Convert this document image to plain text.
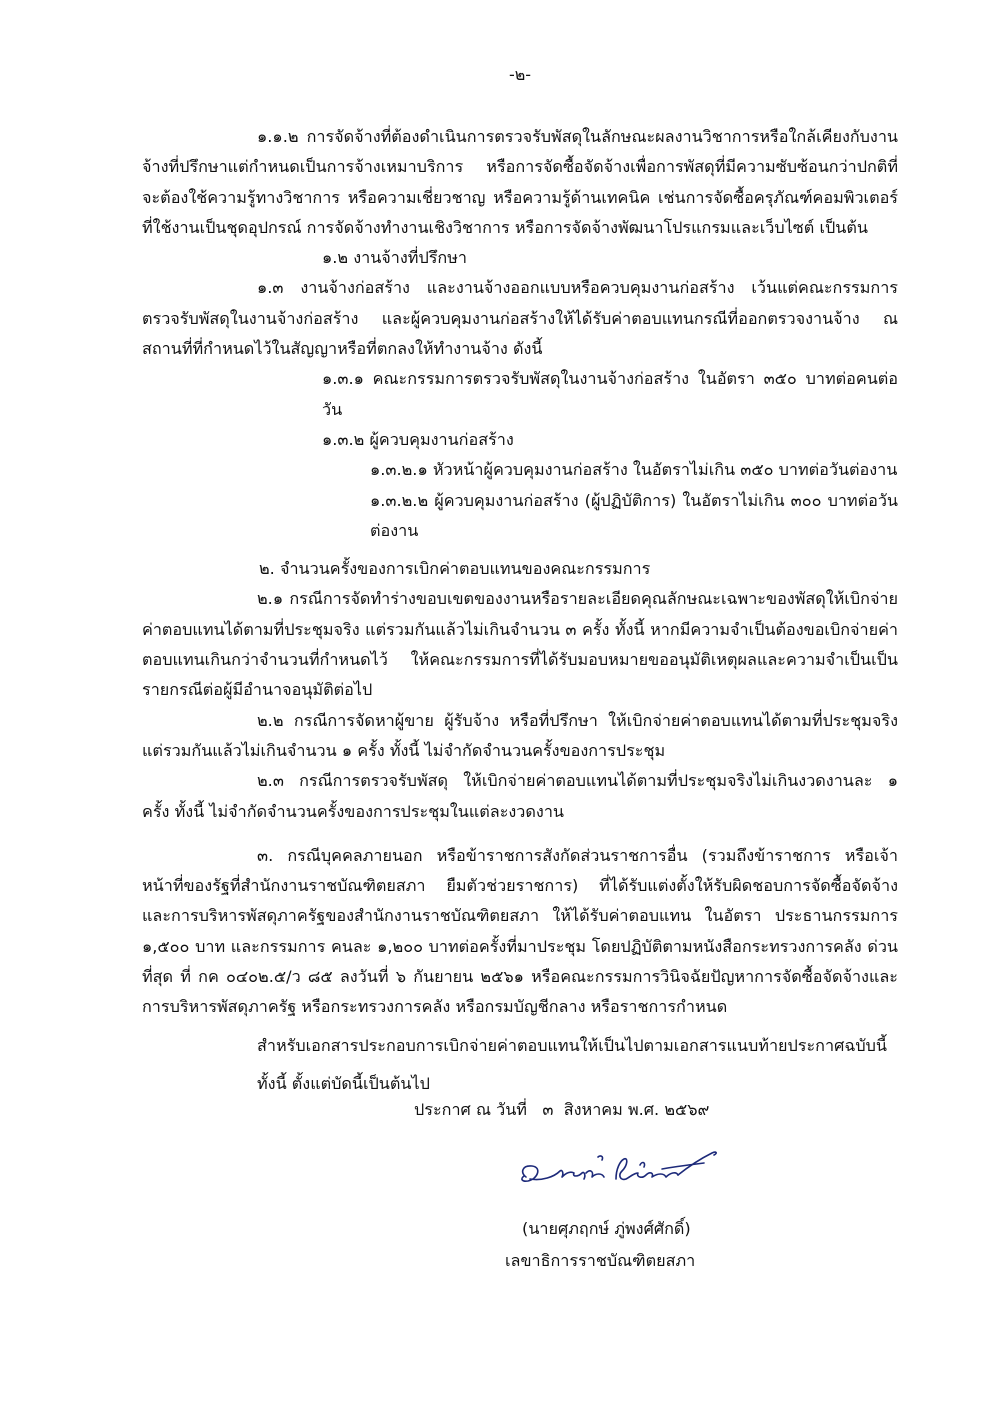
-๒-

๑.๑.๒ การจัดจ้างที่ต้องดำเนินการตรวจรับพัสดุในลักษณะผลงานวิชาการหรือใกล้เคียงกับงานจ้างที่ปรึกษาแต่กำหนดเป็นการจ้างเหมาบริการ หรือการจัดซื้อจัดจ้างเพื่อการพัสดุที่มีความซับซ้อนกว่าปกติที่จะต้องใช้ความรู้ทางวิชาการ หรือความเชี่ยวชาญ หรือความรู้ด้านเทคนิค เช่นการจัดซื้อครุภัณฑ์คอมพิวเตอร์ที่ใช้งานเป็นชุดอุปกรณ์ การจัดจ้างทำงานเชิงวิชาการ หรือการจัดจ้างพัฒนาโปรแกรมและเว็บไซต์ เป็นต้น

๑.๒ งานจ้างที่ปรึกษา

๑.๓ งานจ้างก่อสร้าง และงานจ้างออกแบบหรือควบคุมงานก่อสร้าง เว้นแต่คณะกรรมการตรวจรับพัสดุในงานจ้างก่อสร้าง และผู้ควบคุมงานก่อสร้างให้ได้รับค่าตอบแทนกรณีที่ออกตรวจงานจ้าง ณ สถานที่ที่กำหนดไว้ในสัญญาหรือที่ตกลงให้ทำงานจ้าง ดังนี้

๑.๓.๑ คณะกรรมการตรวจรับพัสดุในงานจ้างก่อสร้าง ในอัตรา ๓๕๐ บาทต่อคนต่อวัน

๑.๓.๒ ผู้ควบคุมงานก่อสร้าง

๑.๓.๒.๑ หัวหน้าผู้ควบคุมงานก่อสร้าง ในอัตราไม่เกิน ๓๕๐ บาทต่อวันต่องาน

๑.๓.๒.๒ ผู้ควบคุมงานก่อสร้าง (ผู้ปฏิบัติการ) ในอัตราไม่เกิน ๓๐๐ บาทต่อวันต่องาน

๒. จำนวนครั้งของการเบิกค่าตอบแทนของคณะกรรมการ

๒.๑ กรณีการจัดทำร่างขอบเขตของงานหรือรายละเอียดคุณลักษณะเฉพาะของพัสดุให้เบิกจ่ายค่าตอบแทนได้ตามที่ประชุมจริง แต่รวมกันแล้วไม่เกินจำนวน ๓ ครั้ง ทั้งนี้ หากมีความจำเป็นต้องขอเบิกจ่ายค่าตอบแทนเกินกว่าจำนวนที่กำหนดไว้ ให้คณะกรรมการที่ได้รับมอบหมายขออนุมัติเหตุผลและความจำเป็นเป็นรายกรณีต่อผู้มีอำนาจอนุมัติต่อไป

๒.๒ กรณีการจัดหาผู้ขาย ผู้รับจ้าง หรือที่ปรึกษา ให้เบิกจ่ายค่าตอบแทนได้ตามที่ประชุมจริงแต่รวมกันแล้วไม่เกินจำนวน ๑ ครั้ง ทั้งนี้ ไม่จำกัดจำนวนครั้งของการประชุม

๒.๓ กรณีการตรวจรับพัสดุ ให้เบิกจ่ายค่าตอบแทนได้ตามที่ประชุมจริงไม่เกินงวดงานละ ๑ ครั้ง ทั้งนี้ ไม่จำกัดจำนวนครั้งของการประชุมในแต่ละงวดงาน

๓. กรณีบุคคลภายนอก หรือข้าราชการสังกัดส่วนราชการอื่น (รวมถึงข้าราชการ หรือเจ้าหน้าที่ของรัฐที่สำนักงานราชบัณฑิตยสภา ยืมตัวช่วยราชการ) ที่ได้รับแต่งตั้งให้รับผิดชอบการจัดซื้อจัดจ้าง และการบริหารพัสดุภาครัฐของสำนักงานราชบัณฑิตยสภา ให้ได้รับค่าตอบแทน ในอัตรา ประธานกรรมการ ๑,๕๐๐ บาท และกรรมการ คนละ ๑,๒๐๐ บาทต่อครั้งที่มาประชุม โดยปฏิบัติตามหนังสือกระทรวงการคลัง ด่วนที่สุด ที่ กค ๐๔๐๒.๕/ว ๘๕ ลงวันที่ ๖ กันยายน ๒๕๖๑ หรือคณะกรรมการวินิจฉัยปัญหาการจัดซื้อจัดจ้างและการบริหารพัสดุภาครัฐ หรือกระทรวงการคลัง หรือกรมบัญชีกลาง หรือราชการกำหนด

สำหรับเอกสารประกอบการเบิกจ่ายค่าตอบแทนให้เป็นไปตามเอกสารแนบท้ายประกาศฉบับนี้

ทั้งนี้ ตั้งแต่บัดนี้เป็นต้นไป

ประกาศ ณ วันที่   ๓  สิงหาคม พ.ศ. ๒๕๖๙
(นายศุภฤกษ์ ภู่พงศ์ศักดิ์)
เลขาธิการราชบัณฑิตยสภา
